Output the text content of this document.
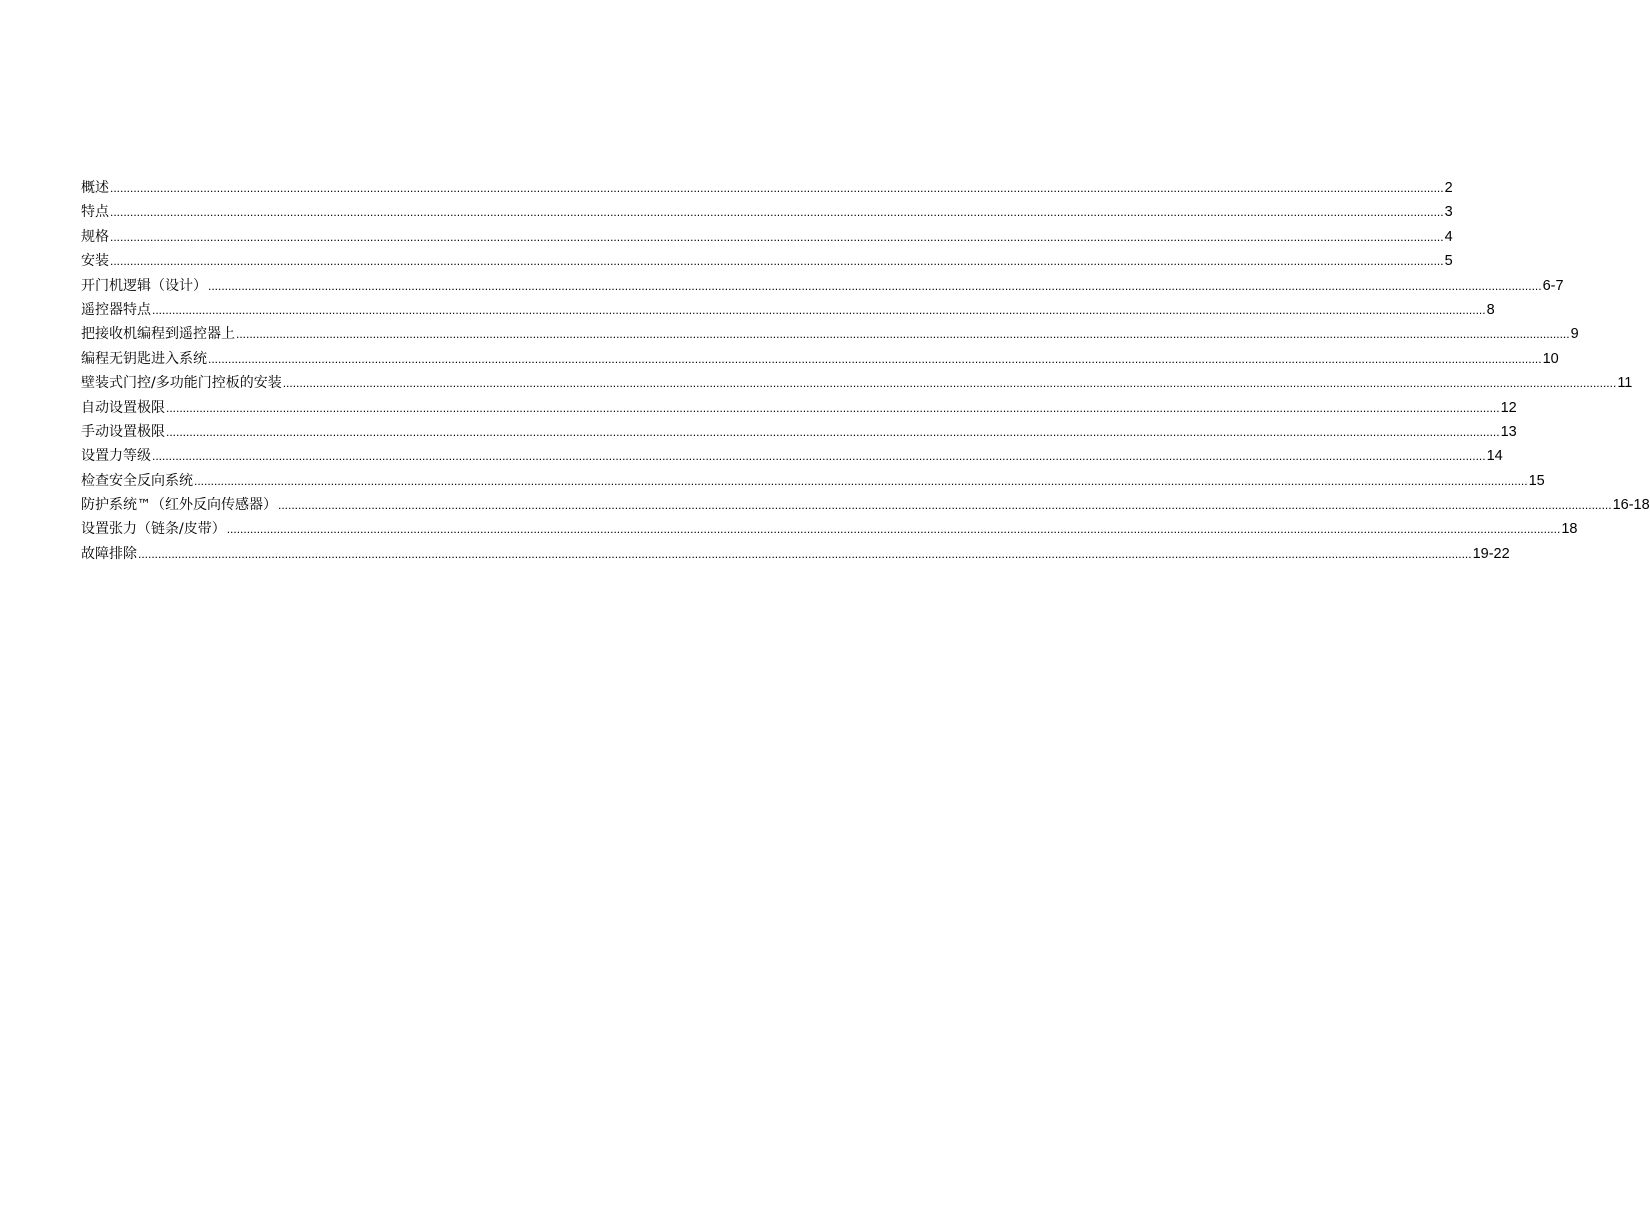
概述 ................................................................................................................................................................................................................................................................................................................................................................................................................ 2
特点 ................................................................................................................................................................................................................................................................................................................................................................................................................ 3
规格 ................................................................................................................................................................................................................................................................................................................................................................................................................ 4
安装 ................................................................................................................................................................................................................................................................................................................................................................................................................ 5
开门机逻辑（设计） ................................................................................................................................................................................................................................................................................................................................................................................................................ 6-7
遥控器特点 ................................................................................................................................................................................................................................................................................................................................................................................................................ 8
把接收机编程到遥控器上 ................................................................................................................................................................................................................................................................................................................................................................................................................ 9
编程无钥匙进入系统 ................................................................................................................................................................................................................................................................................................................................................................................................................ 10
壁装式门控/多功能门控板的安装 ................................................................................................................................................................................................................................................................................................................................................................................................................ 11
自动设置极限 ................................................................................................................................................................................................................................................................................................................................................................................................................ 12
手动设置极限 ................................................................................................................................................................................................................................................................................................................................................................................................................ 13
设置力等级 ................................................................................................................................................................................................................................................................................................................................................................................................................ 14
检查安全反向系统 ................................................................................................................................................................................................................................................................................................................................................................................................................ 15
防护系统™（红外反向传感器） ................................................................................................................................................................................................................................................................................................................................................................................................................ 16-18
设置张力（链条/皮带） ................................................................................................................................................................................................................................................................................................................................................................................................................ 18
故障排除 ................................................................................................................................................................................................................................................................................................................................................................................................................ 19-22
